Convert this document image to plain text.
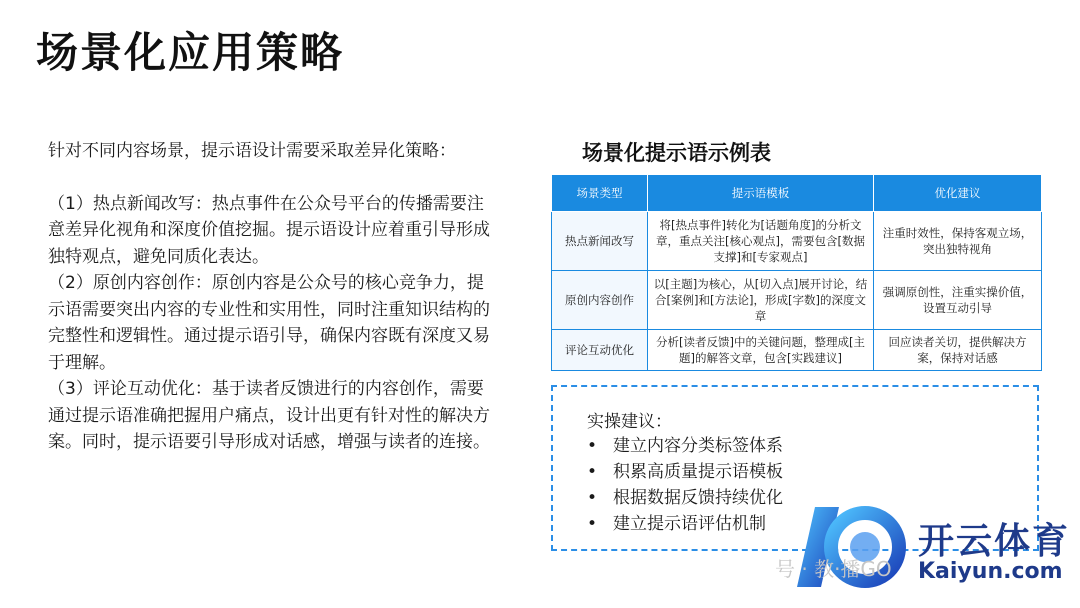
场景化应用策略

针对不同内容场景，提示语设计需要采取差异化策略：

（1）热点新闻改写：热点事件在公众号平台的传播需要注意差异化视角和深度价值挖掘。提示语设计应着重引导形成独特观点，避免同质化表达。

（2）原创内容创作：原创内容是公众号的核心竞争力，提示语需要突出内容的专业性和实用性，同时注重知识结构的完整性和逻辑性。通过提示语引导，确保内容既有深度又易于理解。

（3）评论互动优化：基于读者反馈进行的内容创作，需要通过提示语准确把握用户痛点，设计出更有针对性的解决方案。同时，提示语要引导形成对话感，增强与读者的连接。

场景化提示语示例表
场景类型	提示语模板	优化建议
热点新闻改写	将[热点事件]转化为[话题角度]的分析文章，重点关注[核心观点]，需要包含[数据支撑]和[专家观点]	注重时效性，保持客观立场，突出独特视角
原创内容创作	以[主题]为核心，从[切入点]展开讨论，结合[案例]和[方法论]，形成[字数]的深度文章	强调原创性，注重实操价值，设置互动引导
评论互动优化	分析[读者反馈]中的关键问题，整理成[主题]的解答文章，包含[实践建议]	回应读者关切，提供解决方案，保持对话感
实操建议：
• 建立内容分类标签体系
• 积累高质量提示语模板
• 根据数据反馈持续优化
• 建立提示语评估机制
号 · 教·播GO
开云体育
Kaiyun.com
